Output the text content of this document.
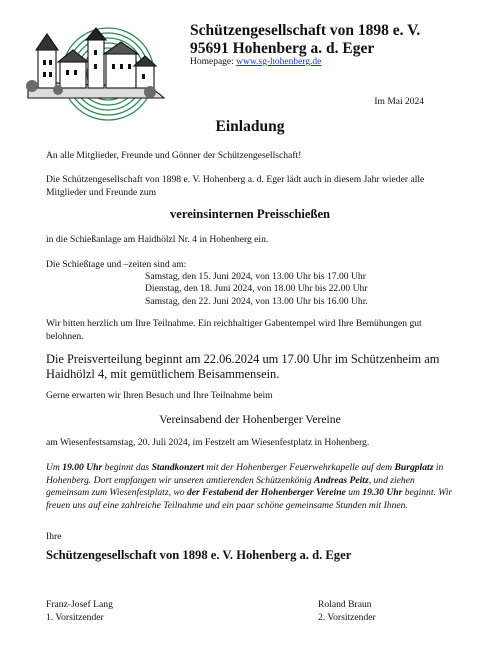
Schützengesellschaft von 1898 e. V.
95691 Hohenberg a. d. Eger
Homepage: www.sg-hohenberg.de
Im Mai 2024
Einladung
An alle Mitglieder, Freunde und Gönner der Schützengesellschaft!
Die Schützengesellschaft von 1898 e. V. Hohenberg a. d. Eger lädt auch in diesem Jahr wieder alle Mitglieder und Freunde zum
vereinsinternen Preisschießen
in die Schießanlage am Haidhölzl Nr. 4 in Hohenberg ein.
Die Schießtage und –zeiten sind am:
Samstag, den 15. Juni 2024, von 13.00 Uhr bis 17.00 Uhr
Dienstag, den 18. Juni 2024, von 18.00 Uhr bis 22.00 Uhr
Samstag, den 22. Juni 2024, von 13.00 Uhr bis 16.00 Uhr.
Wir bitten herzlich um Ihre Teilnahme. Ein reichhaltiger Gabentempel wird Ihre Bemühungen gut belohnen.
Die Preisverteilung beginnt am 22.06.2024 um 17.00 Uhr im Schützenheim am Haidhölzl 4, mit gemütlichem Beisammensein.
Gerne erwarten wir Ihren Besuch und Ihre Teilnahme beim
Vereinsabend der Hohenberger Vereine
am Wiesenfestsamstag, 20. Juli 2024, im Festzelt am Wiesenfestplatz in Hohenberg.
Um 19.00 Uhr beginnt das Standkonzert mit der Hohenberger Feuerwehrkapelle auf dem Burgplatz in Hohenberg. Dort empfangen wir unseren amtierenden Schützenkönig Andreas Peitz, und ziehen gemeinsam zum Wiesenfestplatz, wo der Festabend der Hohenberger Vereine um 19.30 Uhr beginnt. Wir freuen uns auf eine zahlreiche Teilnahme und ein paar schöne gemeinsame Stunden mit Ihnen.
Ihre
Schützengesellschaft von 1898 e. V. Hohenberg a. d. Eger
Franz-Josef Lang
1. Vorsitzender
Roland Braun
2. Vorsitzender
